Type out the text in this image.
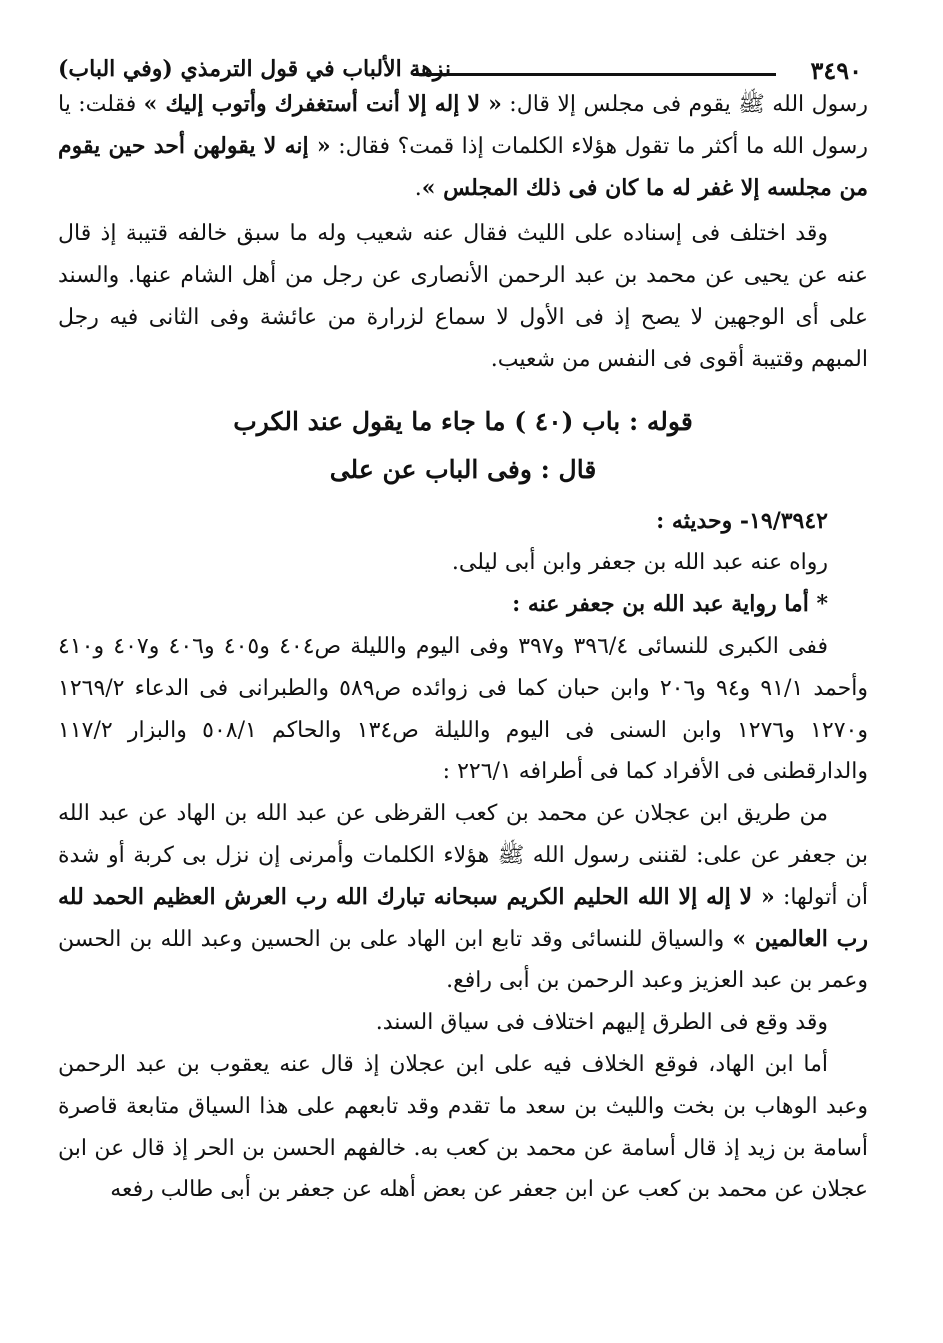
٣٤٩٠
نزهة الألباب في قول الترمذي (وفي الباب)

رسول الله ﷺ يقوم فى مجلس إلا قال: « لا إله إلا أنت أستغفرك وأتوب إليك » فقلت: يا رسول الله ما أكثر ما تقول هؤلاء الكلمات إذا قمت؟ فقال: « إنه لا يقولهن أحد حين يقوم من مجلسه إلا غفر له ما كان فى ذلك المجلس ».

وقد اختلف فى إسناده على الليث فقال عنه شعيب وله ما سبق خالفه قتيبة إذ قال عنه عن يحيى عن محمد بن عبد الرحمن الأنصارى عن رجل من أهل الشام عنها. والسند على أى الوجهين لا يصح إذ فى الأول لا سماع لزرارة من عائشة وفى الثانى فيه رجل المبهم وقتيبة أقوى فى النفس من شعيب.

قوله : باب (٤٠ ) ما جاء ما يقول عند الكرب
قال : وفى الباب عن على

١٩/٣٩٤٢- وحديثه :

رواه عنه عبد الله بن جعفر وابن أبى ليلى.

* أما رواية عبد الله بن جعفر عنه :

ففى الكبرى للنسائى ٣٩٦/٤ و٣٩٧ وفى اليوم والليلة ص٤٠٤ و٤٠٥ و٤٠٦ و٤٠٧ و٤١٠ وأحمد ٩١/١ و٩٤ و٢٠٦ وابن حبان كما فى زوائده ص٥٨٩ والطبرانى فى الدعاء ١٢٦٩/٢ و١٢٧٠ و١٢٧٦ وابن السنى فى اليوم والليلة ص١٣٤ والحاكم ٥٠٨/١ والبزار ١١٧/٢ والدارقطنى فى الأفراد كما فى أطرافه ٢٢٦/١ :

من طريق ابن عجلان عن محمد بن كعب القرظى عن عبد الله بن الهاد عن عبد الله بن جعفر عن على: لقننى رسول الله ﷺ هؤلاء الكلمات وأمرنى إن نزل بى كربة أو شدة أن أتولها: « لا إله إلا الله الحليم الكريم سبحانه تبارك الله رب العرش العظيم الحمد لله رب العالمين » والسياق للنسائى وقد تابع ابن الهاد على بن الحسين وعبد الله بن الحسن وعمر بن عبد العزيز وعبد الرحمن بن أبى رافع.

وقد وقع فى الطرق إليهم اختلاف فى سياق السند.

أما ابن الهاد، فوقع الخلاف فيه على ابن عجلان إذ قال عنه يعقوب بن عبد الرحمن وعبد الوهاب بن بخت والليث بن سعد ما تقدم وقد تابعهم على هذا السياق متابعة قاصرة أسامة بن زيد إذ قال أسامة عن محمد بن كعب به. خالفهم الحسن بن الحر إذ قال عن ابن عجلان عن محمد بن كعب عن ابن جعفر عن بعض أهله عن جعفر بن أبى طالب رفعه
